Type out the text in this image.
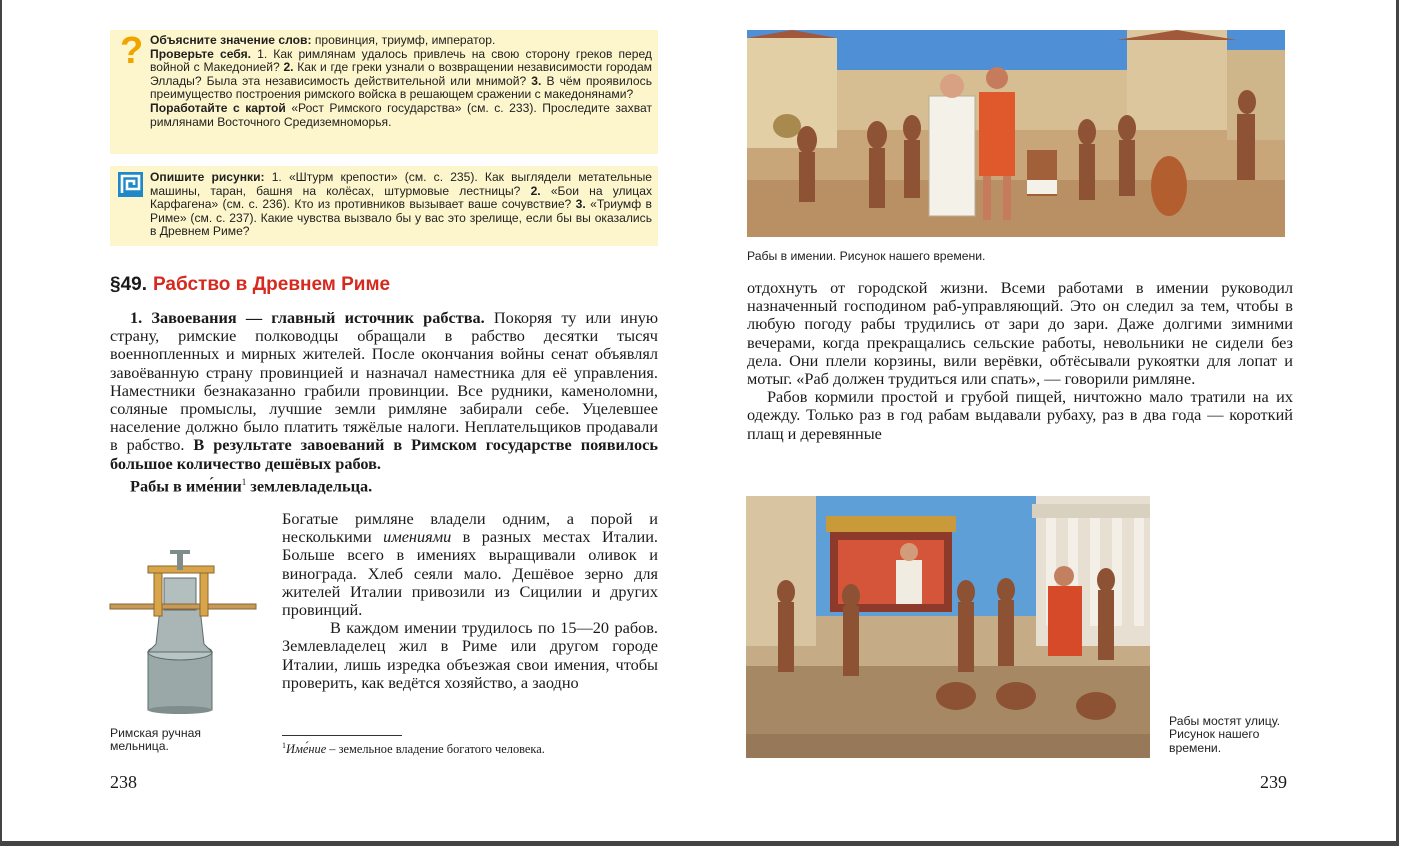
Объясните значение слов: провинция, триумф, император.

Проверьте себя. 1. Как римлянам удалось привлечь на свою сторону греков перед войной с Македонией? 2. Как и где греки узнали о возвращении независимости городам Эллады? Была эта независимость действительной или мнимой? 3. В чём проявилось преимущество построения римского войска в решающем сражении с македонянами?

Поработайте с картой «Рост Римского государства» (см. с. 233). Проследите захват римлянами Восточного Средиземноморья.

?

Опишите рисунки: 1. «Штурм крепости» (см. с. 235). Как выглядели метательные машины, таран, башня на колёсах, штурмовые лестницы? 2. «Бои на улицах Карфагена» (см. с. 236). Кто из противников вызывает ваше сочувствие? 3. «Триумф в Риме» (см. с. 237). Какие чувства вызвало бы у вас это зрелище, если бы вы оказались в Древнем Риме?

§49. Рабство в Древнем Риме

1. Завоевания — главный источник рабства. Покоряя ту или иную страну, римские полководцы обращали в рабство десятки тысяч военнопленных и мирных жителей. После окончания войны сенат объявлял завоёванную страну провинцией и назначал наместника для её управления. Наместники безнаказанно грабили провинции. Все рудники, каменоломни, соляные промыслы, лучшие земли римляне забирали себе. Уцелевшее население должно было платить тяжёлые налоги. Неплательщиков продавали в рабство. В результате завоеваний в Римском государстве появилось большое количество дешёвых рабов.

Рабы в име́нии$^1$ землевладельца.

Богатые римляне владели одним, а порой и несколькими имениями в разных местах Италии. Больше всего в имениях выращивали оливок и винограда. Хлеб сеяли мало. Дешёвое зерно для жителей Италии привозили из Сицилии и других провинций.

В каждом имении трудилось по 15—20 рабов. Землевладелец жил в Риме или другом городе Италии, лишь изредка объезжая свои имения, чтобы проверить, как ведётся хозяйство, а заодно

Римская ручная мельница.	$^1$Име́ние – земельное владение богатого человека.
238
Рабы в имении. Рисунок нашего времени.

отдохнуть от городской жизни. Всеми работами в имении руководил назначенный господином раб-управляющий. Это он следил за тем, чтобы в любую погоду рабы трудились от зари до зари. Даже долгими зимними вечерами, когда прекращались сельские работы, невольники не сидели без дела. Они плели корзины, вили верёвки, обтёсывали рукоятки для лопат и мотыг. «Раб должен трудиться или спать», — говорили римляне.

Рабов кормили простой и грубой пищей, ничтожно мало тратили на их одежду. Только раз в год рабам выдавали рубаху, раз в два года — короткий плащ и деревянные

Рабы мостят улицу. Рисунок нашего времени.
239
